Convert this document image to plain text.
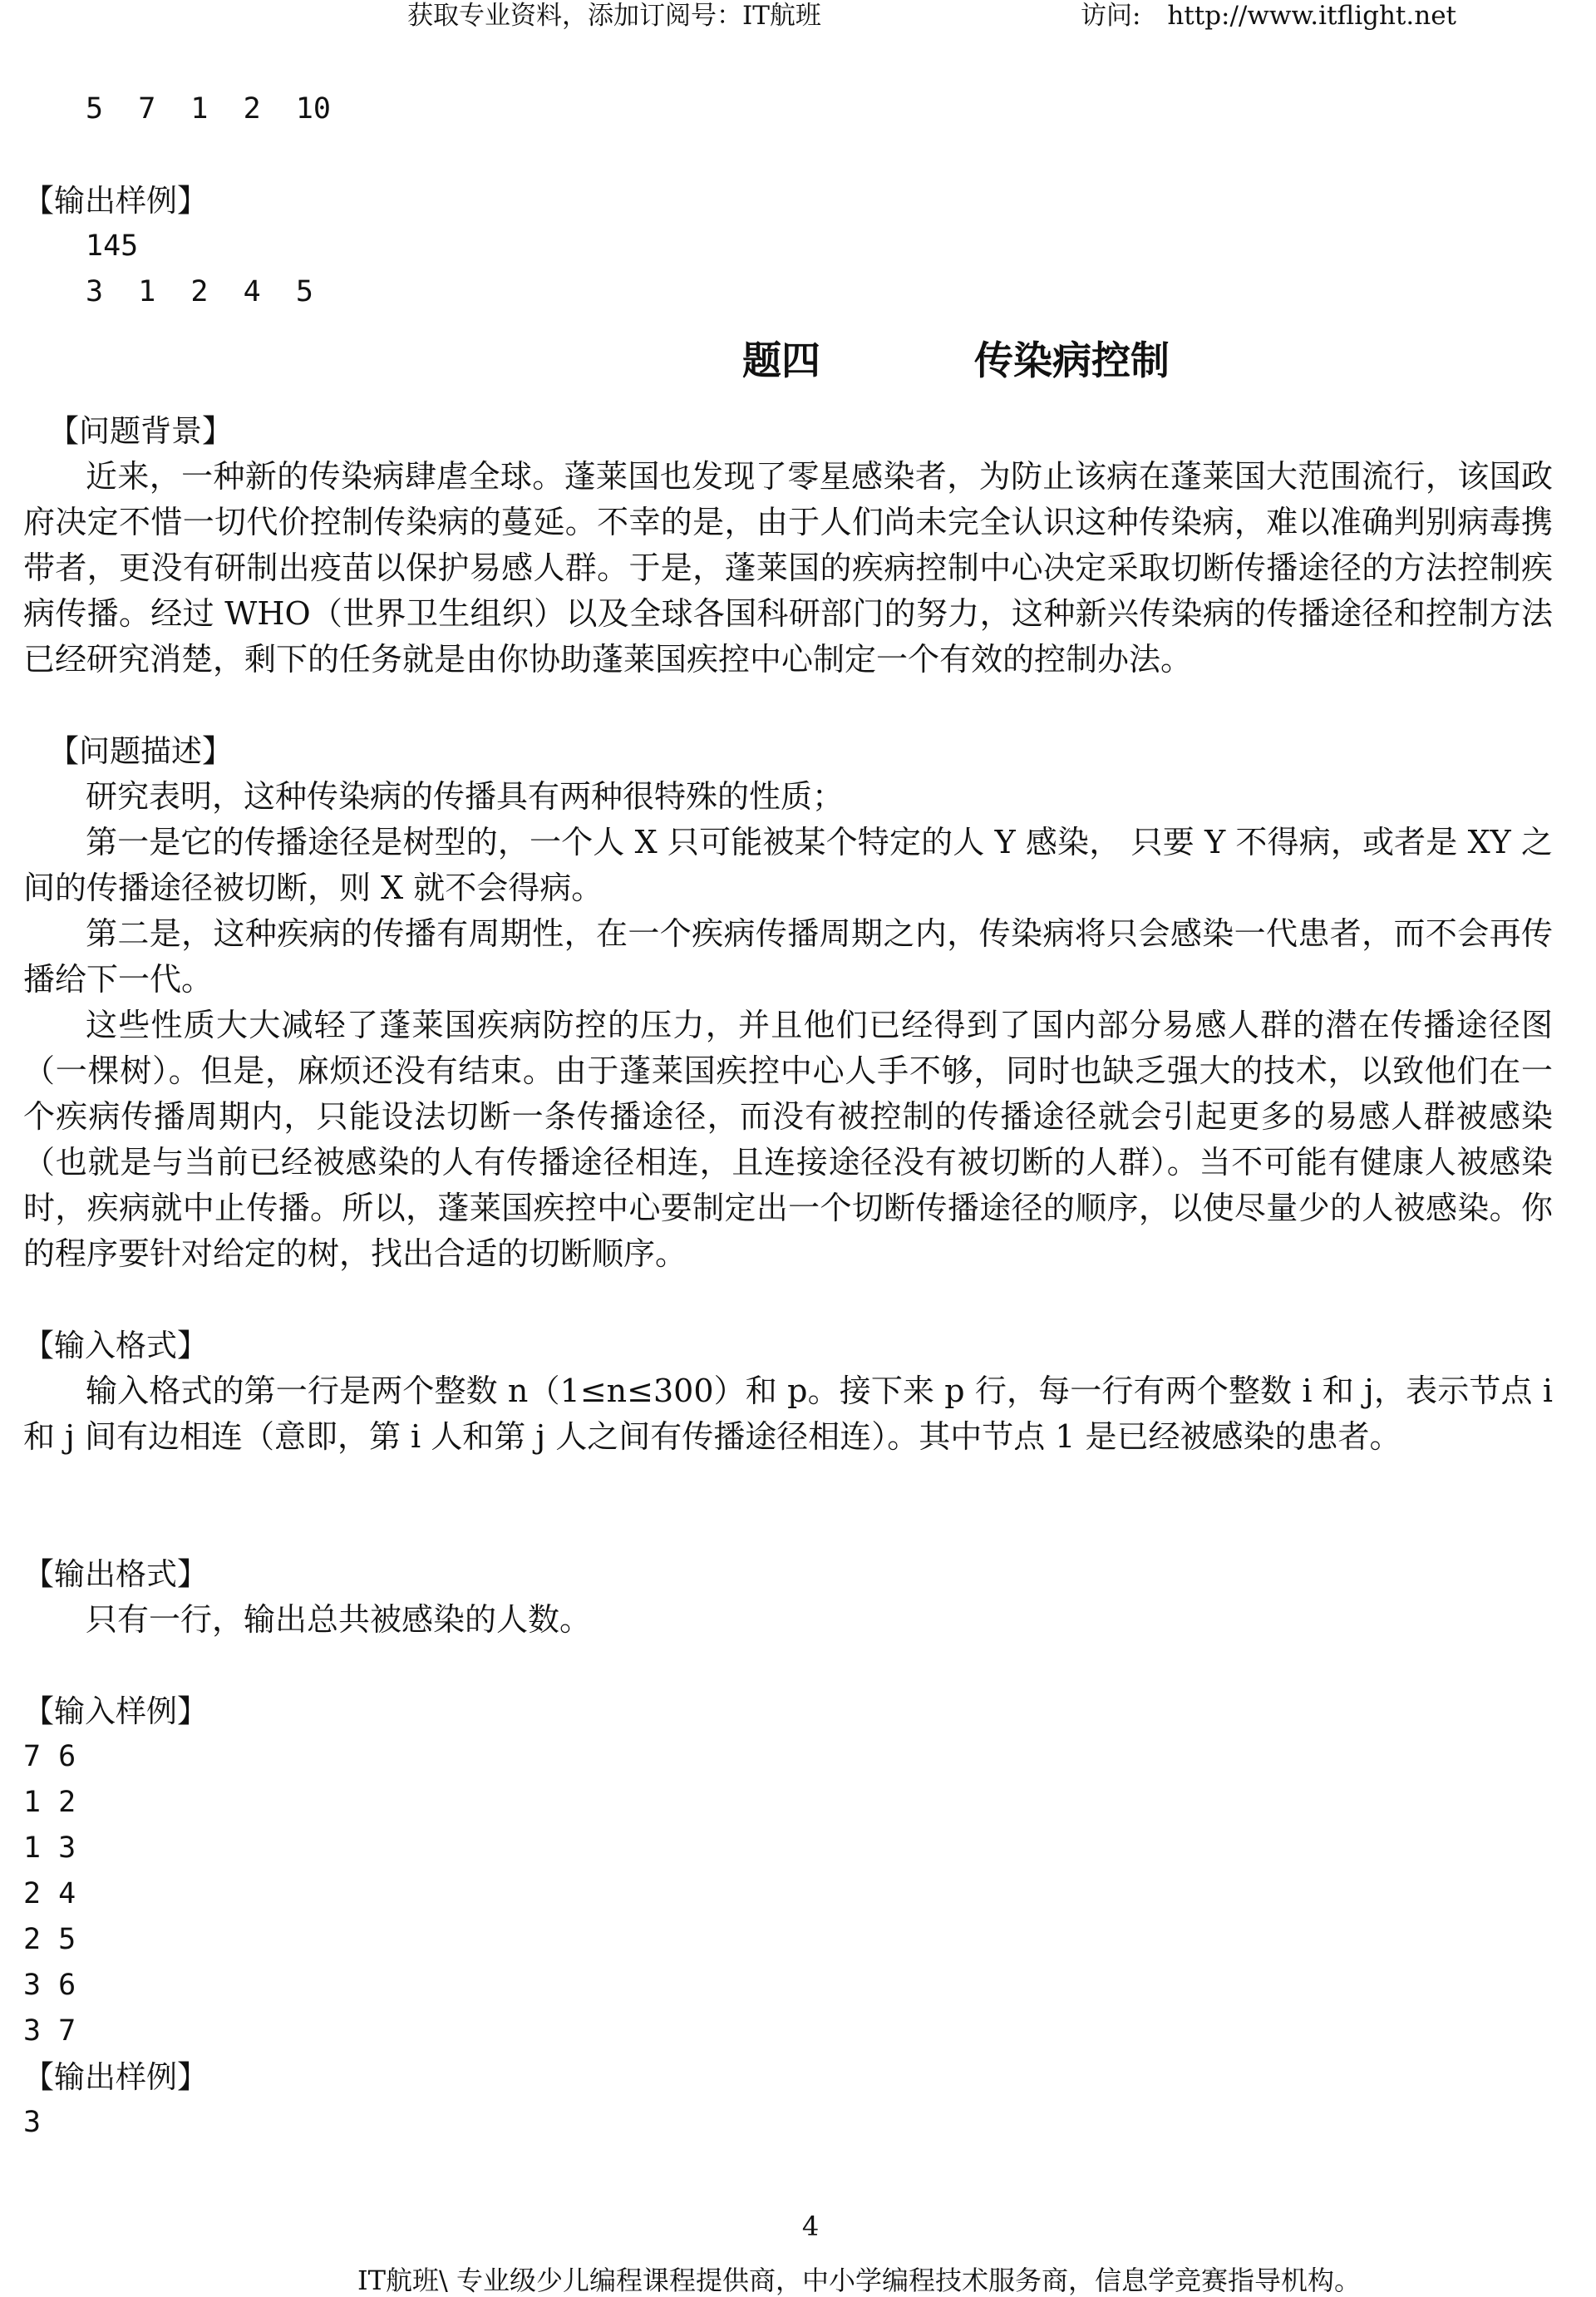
获取专业资料，添加订阅号：IT航班	访问: http://www.itflight.net
5  7  1  2  10
【输出样例】
145
3  1  2  4  5
题四	传染病控制
【问题背景】

近来，一种新的传染病肆虐全球。蓬莱国也发现了零星感染者，为防止该病在蓬莱国大范围流行，该国政府决定不惜一切代价控制传染病的蔓延。不幸的是，由于人们尚未完全认识这种传染病，难以准确判别病毒携带者，更没有研制出疫苗以保护易感人群。于是，蓬莱国的疾病控制中心决定采取切断传播途径的方法控制疾病传播。经过 WHO（世界卫生组织）以及全球各国科研部门的努力，这种新兴传染病的传播途径和控制方法已经研究消楚，剩下的任务就是由你协助蓬莱国疾控中心制定一个有效的控制办法。

【问题描述】

研究表明，这种传染病的传播具有两种很特殊的性质；

第一是它的传播途径是树型的，一个人 X 只可能被某个特定的人 Y 感染， 只要 Y 不得病，或者是 XY 之间的传播途径被切断，则 X 就不会得病。

第二是，这种疾病的传播有周期性，在一个疾病传播周期之内，传染病将只会感染一代患者，而不会再传播给下一代。

这些性质大大减轻了蓬莱国疾病防控的压力，并且他们已经得到了国内部分易感人群的潜在传播途径图（一棵树）。但是，麻烦还没有结束。由于蓬莱国疾控中心人手不够，同时也缺乏强大的技术，以致他们在一个疾病传播周期内，只能设法切断一条传播途径，而没有被控制的传播途径就会引起更多的易感人群被感染（也就是与当前已经被感染的人有传播途径相连，且连接途径没有被切断的人群）。当不可能有健康人被感染时，疾病就中止传播。所以，蓬莱国疾控中心要制定出一个切断传播途径的顺序，以使尽量少的人被感染。你的程序要针对给定的树，找出合适的切断顺序。

【输入格式】

输入格式的第一行是两个整数 n（1≤n≤300）和 p。接下来 p 行，每一行有两个整数 i 和 j，表示节点 i 和 j 间有边相连（意即，第 i 人和第 j 人之间有传播途径相连）。其中节点 1 是已经被感染的患者。

【输出格式】

只有一行，输出总共被感染的人数。

【输入样例】
7 6
1 2
1 3
2 4
2 5
3 6
3 7
【输出样例】
3
4
IT航班\ 专业级少儿编程课程提供商，中小学编程技术服务商，信息学竞赛指导机构。
